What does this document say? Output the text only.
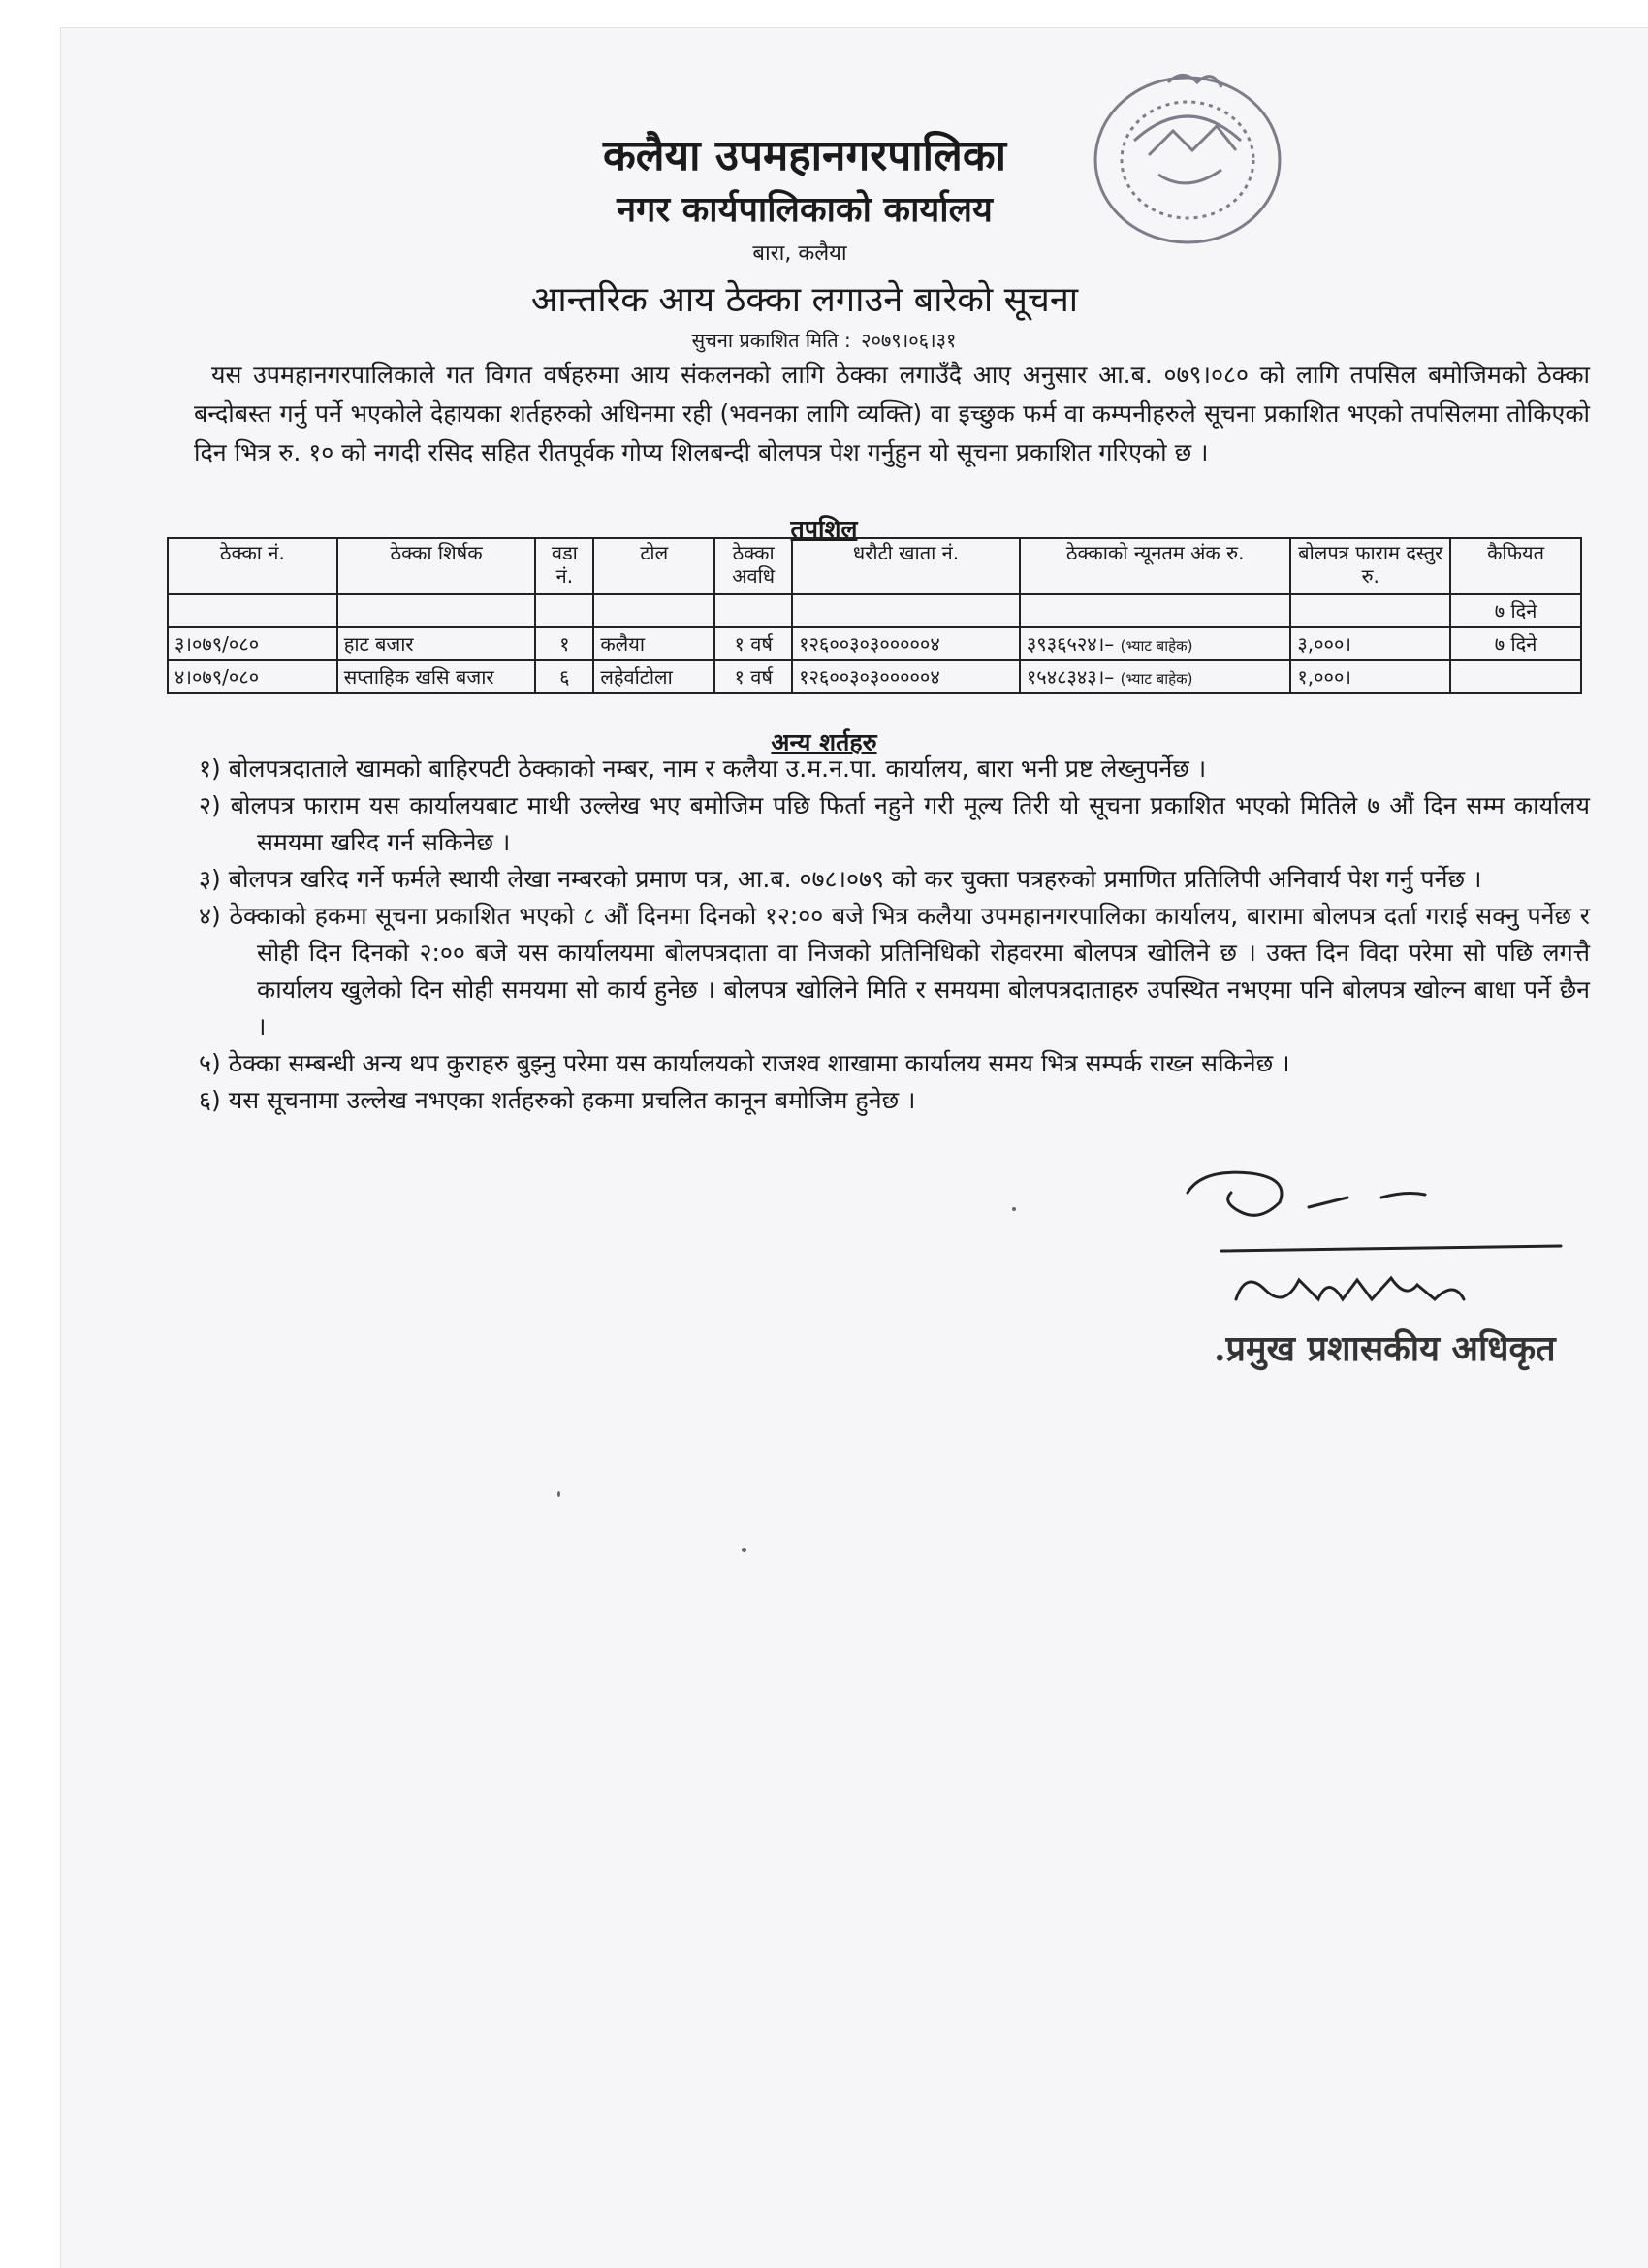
कलैया उपमहानगरपालिका
नगर कार्यपालिकाको कार्यालय
बारा, कलैया
आन्तरिक आय ठेक्का लगाउने बारेको सूचना
सुचना प्रकाशित मिति : २०७९।०६।३१

यस उपमहानगरपालिकाले गत विगत वर्षहरुमा आय संकलनको लागि ठेक्का लगाउँदै आए अनुसार आ.ब. ०७९।०८० को लागि तपसिल बमोजिमको ठेक्का बन्दोबस्त गर्नु पर्ने भएकोले देहायका शर्तहरुको अधिनमा रही (भवनका लागि व्यक्ति) वा इच्छुक फर्म वा कम्पनीहरुले सूचना प्रकाशित भएको तपसिलमा तोकिएको दिन भित्र रु. १० को नगदी रसिद सहित रीतपूर्वक गोप्य शिलबन्दी बोलपत्र पेश गर्नुहुन यो सूचना प्रकाशित गरिएको छ ।

तपशिल
ठेक्का नं.	ठेक्का शिर्षक	वडा नं.	टोल	ठेक्का अवधि	धरौटी खाता नं.	ठेक्काको न्यूनतम अंक रु.	बोलपत्र फाराम दस्तुर रु.	कैफियत
								७ दिने
३।०७९/०८०	हाट बजार	१	कलैया	१ वर्ष	१२६००३०३०००००४	३९३६५२४।– (भ्याट बाहेक)	३,०००।	७ दिने
४।०७९/०८०	सप्ताहिक खसि बजार	६	लहेर्वाटोला	१ वर्ष	१२६००३०३०००००४	१५४८३४३।– (भ्याट बाहेक)	१,०००।	
अन्य शर्तहरु
१) बोलपत्रदाताले खामको बाहिरपटी ठेक्काको नम्बर, नाम र कलैया उ.म.न.पा. कार्यालय, बारा भनी प्रष्ट लेख्नुपर्नेछ ।
२) बोलपत्र फाराम यस कार्यालयबाट माथी उल्लेख भए बमोजिम पछि फिर्ता नहुने गरी मूल्य तिरी यो सूचना प्रकाशित भएको मितिले ७ औं दिन सम्म कार्यालय समयमा खरिद गर्न सकिनेछ ।
३) बोलपत्र खरिद गर्ने फर्मले स्थायी लेखा नम्बरको प्रमाण पत्र, आ.ब. ०७८।०७९ को कर चुक्ता पत्रहरुको प्रमाणित प्रतिलिपी अनिवार्य पेश गर्नु पर्नेछ ।
४) ठेक्काको हकमा सूचना प्रकाशित भएको ८ औं दिनमा दिनको १२:०० बजे भित्र कलैया उपमहानगरपालिका कार्यालय, बारामा बोलपत्र दर्ता गराई सक्नु पर्नेछ र सोही दिन दिनको २:०० बजे यस कार्यालयमा बोलपत्रदाता वा निजको प्रतिनिधिको रोहवरमा बोलपत्र खोलिने छ । उक्त दिन विदा परेमा सो पछि लगत्तै कार्यालय खुलेको दिन सोही समयमा सो कार्य हुनेछ । बोलपत्र खोलिने मिति र समयमा बोलपत्रदाताहरु उपस्थित नभएमा पनि बोलपत्र खोल्न बाधा पर्ने छैन ।
५) ठेक्का सम्बन्धी अन्य थप कुराहरु बुझ्नु परेमा यस कार्यालयको राजश्व शाखामा कार्यालय समय भित्र सम्पर्क राख्न सकिनेछ ।
६) यस सूचनामा उल्लेख नभएका शर्तहरुको हकमा प्रचलित कानून बमोजिम हुनेछ ।
.प्रमुख प्रशासकीय अधिकृत
